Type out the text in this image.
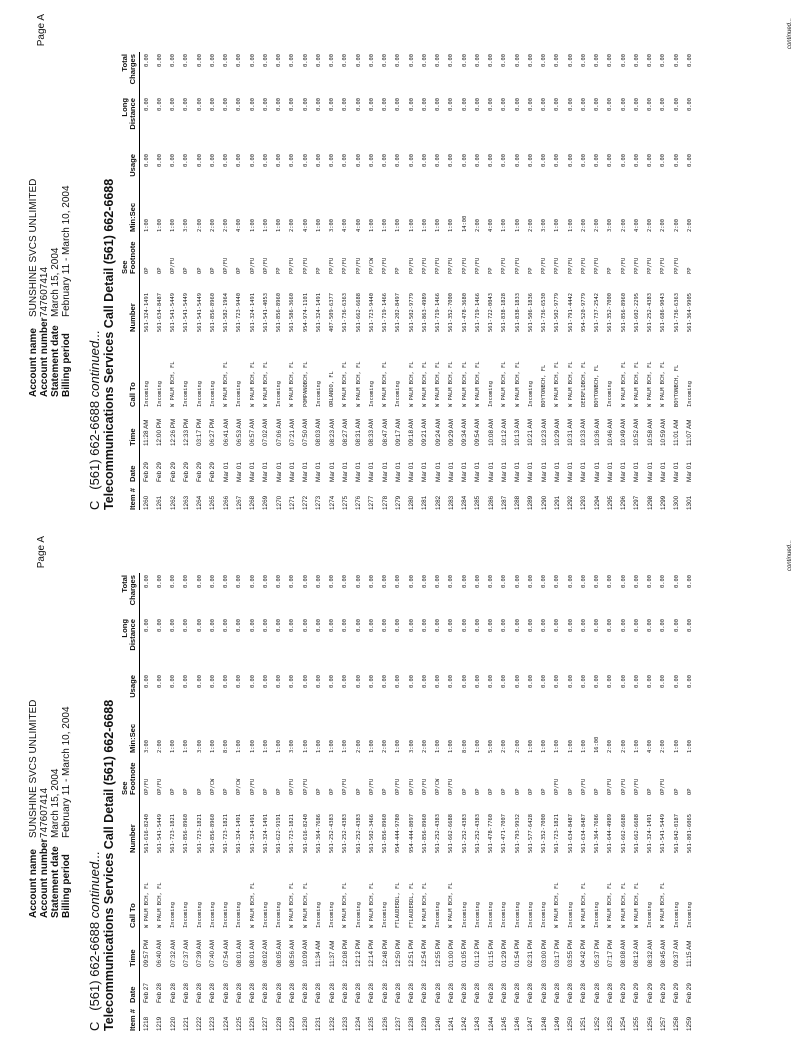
Page A
Account name
SUNSHINE SVCS UNLIMITED
Account number
747607414
Statement date
March 15, 2004
Billing period
February 11 - March 10, 2004
C   (561) 662-6688 continued... Telecommunications Services Call Detail (561) 662-6688 Item #	Date	Time	Call To	Number	See
Footnote	Min:Sec	Usage	Long
Distance	Total
Charges
1218	Feb 27	09:57 PM	W PALM BCH, FL	561-616-8240	OP/FU	3:00	0.00	0.00	0.00
1219	Feb 28	06:40 AM	W PALM BCH, FL	561-541-5449	OP/FU	2:00	0.00	0.00	0.00
1220	Feb 28	07:32 AM	Incoming	561-723-1821	OP	1:00	0.00	0.00	0.00
1221	Feb 28	07:37 AM	Incoming	561-856-8960	OP	1:00	0.00	0.00	0.00
1222	Feb 28	07:39 AM	Incoming	561-723-1821	OP	3:00	0.00	0.00	0.00
1223	Feb 28	07:40 AM	Incoming	561-856-8960	OP/CW	1:00	0.00	0.00	0.00
1224	Feb 28	07:54 AM	Incoming	561-723-1821	OP	8:00	0.00	0.00	0.00
1225	Feb 28	08:01 AM	Incoming	561-324-1491	OP/CW	1:00	0.00	0.00	0.00
1226	Feb 28	08:01 AM	W PALM BCH, FL	561-324-1491	OP/FU	1:00	0.00	0.00	0.00
1227	Feb 28	08:02 AM	Incoming	561-324-1491	OP	1:00	0.00	0.00	0.00
1228	Feb 28	08:05 AM	Incoming	561-622-9191	OP	1:00	0.00	0.00	0.00
1229	Feb 28	08:56 AM	W PALM BCH, FL	561-723-1821	OP/FU	3:00	0.00	0.00	0.00
1230	Feb 28	10:09 AM	W PALM BCH, FL	561-616-8240	OP/FU	1:00	0.00	0.00	0.00
1231	Feb 28	11:34 AM	Incoming	561-364-7686	OP	1:00	0.00	0.00	0.00
1232	Feb 28	11:37 AM	Incoming	561-252-4383	OP	1:00	0.00	0.00	0.00
1233	Feb 28	12:08 PM	W PALM BCH, FL	561-252-4383	OP/FU	1:00	0.00	0.00	0.00
1234	Feb 28	12:12 PM	Incoming	561-252-4383	OP	2:00	0.00	0.00	0.00
1235	Feb 28	12:14 PM	W PALM BCH, FL	561-502-3466	OP/FU	1:00	0.00	0.00	0.00
1236	Feb 28	12:48 PM	Incoming	561-856-8960	OP	2:00	0.00	0.00	0.00
1237	Feb 28	12:50 PM	FTLAUDERDL, FL	954-444-9780	OP/FU	1:00	0.00	0.00	0.00
1238	Feb 28	12:51 PM	FTLAUDERDL, FL	954-444-8097	OP/FU	3:00	0.00	0.00	0.00
1239	Feb 28	12:54 PM	W PALM BCH, FL	561-856-8960	OP/FU	2:00	0.00	0.00	0.00
1240	Feb 28	12:55 PM	Incoming	561-252-4383	OP/CW	1:00	0.00	0.00	0.00
1241	Feb 28	01:00 PM	W PALM BCH, FL	561-662-6688	OP/FU	1:00	0.00	0.00	0.00
1242	Feb 28	01:05 PM	Incoming	561-252-4383	OP	8:00	0.00	0.00	0.00
1243	Feb 28	01:12 PM	Incoming	561-252-4383	OP	1:00	0.00	0.00	0.00
1244	Feb 28	01:15 PM	Incoming	561-478-7760	OP	5:00	0.00	0.00	0.00
1245	Feb 28	01:29 PM	Incoming	561-471-7007	OP	2:00	0.00	0.00	0.00
1246	Feb 28	01:54 PM	Incoming	561-793-9932	OP	2:00	0.00	0.00	0.00
1247	Feb 28	02:31 PM	Incoming	561-577-6428	OP	1:00	0.00	0.00	0.00
1248	Feb 28	03:00 PM	Incoming	561-352-7000	OP	1:00	0.00	0.00	0.00
1249	Feb 28	03:17 PM	W PALM BCH, FL	561-723-1821	OP/FU	1:00	0.00	0.00	0.00
1250	Feb 28	03:55 PM	Incoming	561-634-8487	OP	1:00	0.00	0.00	0.00
1251	Feb 28	04:42 PM	W PALM BCH, FL	561-634-8487	OP/FU	1:00	0.00	0.00	0.00
1252	Feb 28	05:37 PM	Incoming	561-364-7686	OP	16:00	0.00	0.00	0.00
1253	Feb 28	07:17 PM	W PALM BCH, FL	561-644-4989	OP/FU	2:00	0.00	0.00	0.00
1254	Feb 29	08:08 AM	W PALM BCH, FL	561-662-6688	OP/FU	2:00	0.00	0.00	0.00
1255	Feb 29	08:12 AM	W PALM BCH, FL	561-662-6688	OP/FU	1:00	0.00	0.00	0.00
1256	Feb 29	08:32 AM	Incoming	561-324-1491	OP	4:00	0.00	0.00	0.00
1257	Feb 29	08:45 AM	W PALM BCH, FL	561-541-5449	OP/FU	2:00	0.00	0.00	0.00
1258	Feb 29	09:37 AM	Incoming	561-842-0187	OP	1:00	0.00	0.00	0.00
1259	Feb 29	11:15 AM	Incoming	561-801-6065	OP	1:00	0.00	0.00	0.00
continued...
Page A
Account name
SUNSHINE SVCS UNLIMITED
Account number
747607414
Statement date
March 15, 2004
Billing period
February 11 - March 10, 2004
C   (561) 662-6688 continued... Telecommunications Services Call Detail (561) 662-6688 Item #	Date	Time	Call To	Number	See
Footnote	Min:Sec	Usage	Long
Distance	Total
Charges
1260	Feb 29	11:28 AM	Incoming	561-324-1491	OP	1:00	0.00	0.00	0.00
1261	Feb 29	12:00 PM	Incoming	561-634-8487	OP	1:00	0.00	0.00	0.00
1262	Feb 29	12:26 PM	W PALM BCH, FL	561-541-5449	OP/FU	1:00	0.00	0.00	0.00
1263	Feb 29	12:33 PM	Incoming	561-541-5449	OP	3:00	0.00	0.00	0.00
1264	Feb 29	03:17 PM	Incoming	561-541-5449	OP	2:00	0.00	0.00	0.00
1265	Feb 29	06:27 PM	Incoming	561-856-8960	OP	2:00	0.00	0.00	0.00
1266	Mar 01	06:41 AM	W PALM BCH, FL	561-582-1964	OP/FU	2:00	0.00	0.00	0.00
1267	Mar 01	06:53 AM	Incoming	561-723-9440	OP	4:00	0.00	0.00	0.00
1268	Mar 01	06:57 AM	W PALM BCH, FL	561-324-1491	OP/FU	1:00	0.00	0.00	0.00
1269	Mar 01	07:02 AM	W PALM BCH, FL	561-541-4053	OP/FU	1:00	0.00	0.00	0.00
1270	Mar 01	07:06 AM	Incoming	561-856-8960	PP	1:00	0.00	0.00	0.00
1271	Mar 01	07:21 AM	W PALM BCH, FL	561-586-3660	PP/FU	2:00	0.00	0.00	0.00
1272	Mar 01	07:50 AM	POMPANOBCH, FL	954-974-1101	PP/FU	4:00	0.00	0.00	0.00
1273	Mar 01	08:03 AM	Incoming	561-324-1491	PP	1:00	0.00	0.00	0.00
1274	Mar 01	08:23 AM	ORLANDO, FL	407-509-6377	PP/FU	3:00	0.00	0.00	0.00
1275	Mar 01	08:27 AM	W PALM BCH, FL	561-736-6363	PP/FU	4:00	0.00	0.00	0.00
1276	Mar 01	08:31 AM	W PALM BCH, FL	561-662-6688	PP/FU	4:00	0.00	0.00	0.00
1277	Mar 01	08:33 AM	Incoming	561-723-9440	PP/CW	1:00	0.00	0.00	0.00
1278	Mar 01	08:47 AM	W PALM BCH, FL	561-719-1466	PP/FU	1:00	0.00	0.00	0.00
1279	Mar 01	09:17 AM	Incoming	561-202-8497	PP	1:00	0.00	0.00	0.00
1280	Mar 01	09:18 AM	W PALM BCH, FL	561-502-9779	PP/FU	1:00	0.00	0.00	0.00
1281	Mar 01	09:21 AM	W PALM BCH, FL	561-863-4989	PP/FU	1:00	0.00	0.00	0.00
1282	Mar 01	09:24 AM	W PALM BCH, FL	561-719-1466	PP/FU	1:00	0.00	0.00	0.00
1283	Mar 01	09:29 AM	W PALM BCH, FL	561-352-7000	PP/FU	1:00	0.00	0.00	0.00
1284	Mar 01	09:34 AM	W PALM BCH, FL	561-478-3680	PP/FU	14:00	0.00	0.00	0.00
1285	Mar 01	09:54 AM	W PALM BCH, FL	561-719-1466	PP/FU	2:00	0.00	0.00	0.00
1286	Mar 01	10:08 AM	Incoming	561-722-0043	PP	4:00	0.00	0.00	0.00
1287	Mar 01	10:12 AM	W PALM BCH, FL	561-838-1828	PP/FU	1:00	0.00	0.00	0.00
1288	Mar 01	10:13 AM	W PALM BCH, FL	561-838-1833	PP/FU	1:00	0.00	0.00	0.00
1289	Mar 01	10:21 AM	Incoming	561-506-1836	PP	2:00	0.00	0.00	0.00
1290	Mar 01	10:23 AM	BOYTONBCH, FL	561-736-6530	PP/FU	3:00	0.00	0.00	0.00
1291	Mar 01	10:29 AM	W PALM BCH, FL	561-502-9779	PP/FU	1:00	0.00	0.00	0.00
1292	Mar 01	10:31 AM	W PALM BCH, FL	561-791-4442	PP/FU	1:00	0.00	0.00	0.00
1293	Mar 01	10:33 AM	DEERFLDBCH, FL	954-520-9779	PP/FU	2:00	0.00	0.00	0.00
1294	Mar 01	10:36 AM	BOYTONBCH, FL	561-737-2542	PP/FU	2:00	0.00	0.00	0.00
1295	Mar 01	10:46 AM	Incoming	561-352-7000	PP	3:00	0.00	0.00	0.00
1296	Mar 01	10:49 AM	W PALM BCH, FL	561-856-8960	PP/FU	2:00	0.00	0.00	0.00
1297	Mar 01	10:52 AM	W PALM BCH, FL	561-602-2295	PP/FU	4:00	0.00	0.00	0.00
1298	Mar 01	10:58 AM	W PALM BCH, FL	561-252-4383	PP/FU	2:00	0.00	0.00	0.00
1299	Mar 01	10:59 AM	W PALM BCH, FL	561-686-9043	PP/FU	2:00	0.00	0.00	0.00
1300	Mar 01	11:01 AM	BOYTONBCH, FL	561-736-6363	PP/FU	2:00	0.00	0.00	0.00
1301	Mar 01	11:07 AM	Incoming	561-364-9905	PP	2:00	0.00	0.00	0.00
continued...
